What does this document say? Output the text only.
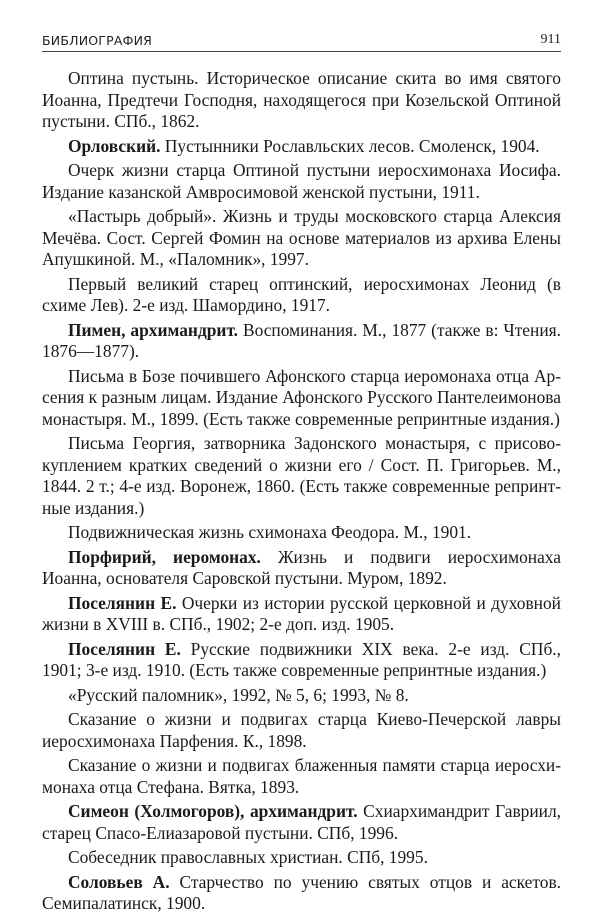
БИБЛИОГРАФИЯ	911

Оптина пустынь. Историческое описание скита во имя святого Иоанна, Предтечи Господня, находящегося при Козельской Оптиной пустыни. СПб., 1862.

Орловский. Пустынники Рославльских лесов. Смоленск, 1904.

Очерк жизни старца Оптиной пустыни иеросхимонаха Иосифа. Издание казанской Амвросимовой женской пустыни, 1911.

«Пастырь добрый». Жизнь и труды московского старца Алексия Мечёва. Сост. Сергей Фомин на основе материалов из архива Елены Апушкиной. М., «Паломник», 1997.

Первый великий старец оптинский, иеросхимонах Леонид (в схиме Лев). 2-е изд. Шамордино, 1917.

Пимен, архимандрит. Воспоминания. М., 1877 (также в: Чтения. 1876—1877).

Письма в Бозе почившего Афонского старца иеромонаха отца Арсения к разным лицам. Издание Афонского Русского Пантелеимонова монастыря. М., 1899. (Есть также современные репринтные издания.)

Письма Георгия, затворника Задонского монастыря, с присовокуплением кратких сведений о жизни его / Сост. П. Григорьев. М., 1844. 2 т.; 4-е изд. Воронеж, 1860. (Есть также современные репринтные издания.)

Подвижническая жизнь схимонаха Феодора. М., 1901.

Порфирий, иеромонах. Жизнь и подвиги иеросхимонаха Иоанна, основателя Саровской пустыни. Муром, 1892.

Поселянин Е. Очерки из истории русской церковной и духовной жизни в XVIII в. СПб., 1902; 2-е доп. изд. 1905.

Поселянин Е. Русские подвижники XIX века. 2-е изд. СПб., 1901; 3-е изд. 1910. (Есть также современные репринтные издания.)

«Русский паломник», 1992, № 5, 6; 1993, № 8.

Сказание о жизни и подвигах старца Киево-Печерской лавры иеросхимонаха Парфения. К., 1898.

Сказание о жизни и подвигах блаженныя памяти старца иеросхимонаха отца Стефана. Вятка, 1893.

Симеон (Холмогоров), архимандрит. Схиархимандрит Гавриил, старец Спасо-Елиазаровой пустыни. СПб, 1996.

Собеседник православных христиан. СПб, 1995.

Соловьев А. Старчество по учению святых отцов и аскетов. Семипалатинск, 1900.
